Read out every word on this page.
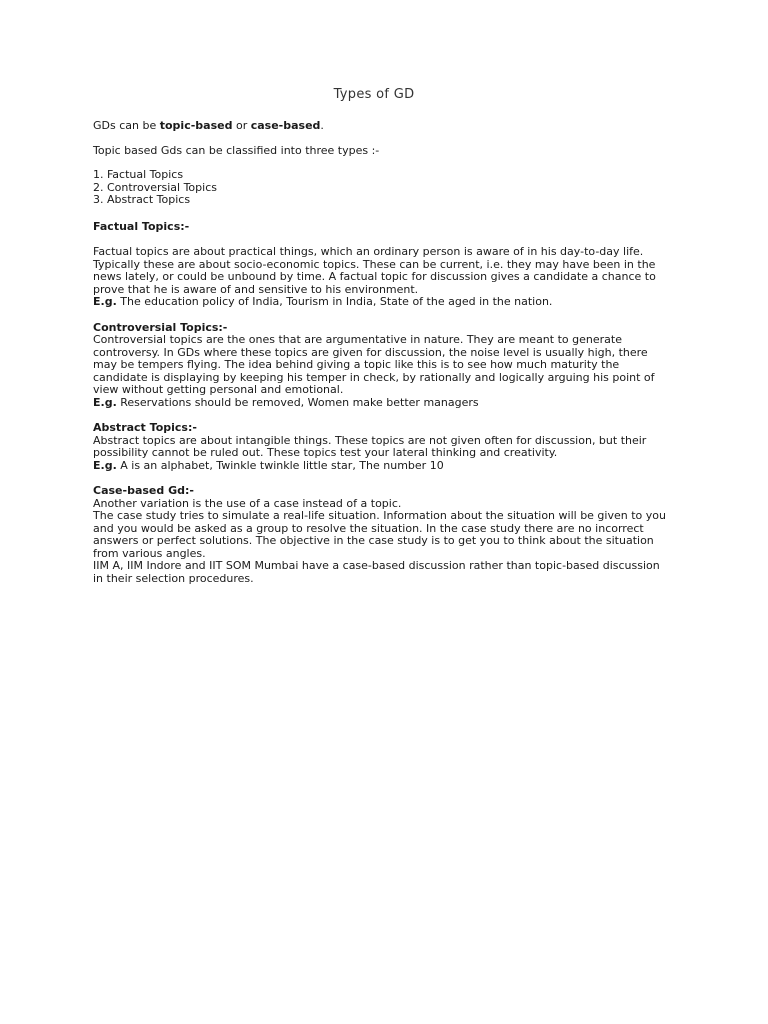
Types of GD

GDs can be topic-based or case-based.

Topic based Gds can be classified into three types :-

1. Factual Topics

2. Controversial Topics

3. Abstract Topics

Factual Topics:-

Factual topics are about practical things, which an ordinary person is aware of in his day-to-day life.

Typically these are about socio-economic topics. These can be current, i.e. they may have been in the

news lately, or could be unbound by time. A factual topic for discussion gives a candidate a chance to

prove that he is aware of and sensitive to his environment.

E.g. The education policy of India, Tourism in India, State of the aged in the nation.

Controversial Topics:-

Controversial topics are the ones that are argumentative in nature. They are meant to generate

controversy. In GDs where these topics are given for discussion, the noise level is usually high, there

may be tempers flying. The idea behind giving a topic like this is to see how much maturity the

candidate is displaying by keeping his temper in check, by rationally and logically arguing his point of

view without getting personal and emotional.

E.g. Reservations should be removed, Women make better managers

Abstract Topics:-

Abstract topics are about intangible things. These topics are not given often for discussion, but their

possibility cannot be ruled out. These topics test your lateral thinking and creativity.

E.g. A is an alphabet, Twinkle twinkle little star, The number 10

Case-based Gd:-

Another variation is the use of a case instead of a topic.

The case study tries to simulate a real-life situation. Information about the situation will be given to you

and you would be asked as a group to resolve the situation. In the case study there are no incorrect

answers or perfect solutions. The objective in the case study is to get you to think about the situation

from various angles.

IIM A, IIM Indore and IIT SOM Mumbai have a case-based discussion rather than topic-based discussion

in their selection procedures.
